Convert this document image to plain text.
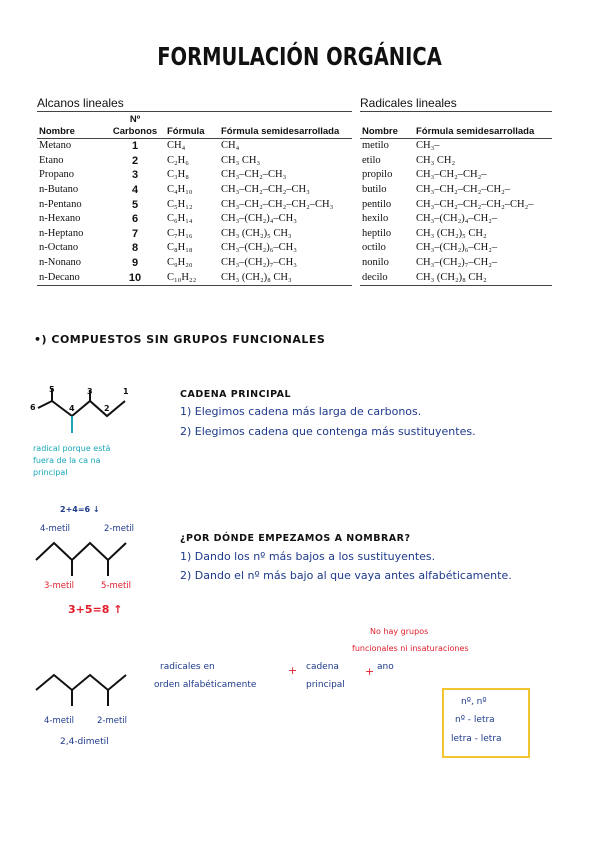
FORMULACIÓN ORGÁNICA
Alcanos lineales
Nombre	Nº Carbonos	Fórmula	Fórmula semidesarrollada
Metano	1	CH₄	CH₄
Etano	2	C₂H₆	CH₃ CH₃
Propano	3	C₃H₈	CH₃–CH₂–CH₃
n-Butano	4	C₄H₁₀	CH₃–CH₂–CH₂–CH₃
n-Pentano	5	C₅H₁₂	CH₃–CH₂–CH₂–CH₂–CH₃
n-Hexano	6	C₆H₁₄	CH₃–(CH₂)₄–CH₃
n-Heptano	7	C₇H₁₆	CH₃ (CH₂)₅ CH₃
n-Octano	8	C₈H₁₈	CH₃–(CH₂)₆–CH₃
n-Nonano	9	C₉H₂₀	CH₃–(CH₂)₇–CH₃
n-Decano	10	C₁₀H₂₂	CH₃ (CH₂)₈ CH₃
Radicales lineales
Nombre	Fórmula semidesarrollada
metilo	CH₃–
etilo	CH₃ CH₂
propilo	CH₃–CH₂–CH₂–
butilo	CH₃–CH₂–CH₂–CH₂–
pentilo	CH₃–CH₂–CH₂–CH₂–CH₂–
hexilo	CH₃–(CH₂)₄–CH₂–
heptilo	CH₃ (CH₂)₅ CH₂
octilo	CH₃–(CH₂)₆–CH₂–
nonilo	CH₃–(CH₂)₇–CH₂–
decilo	CH₃ (CH₂)₈ CH₂
•) COMPUESTOS SIN GRUPOS FUNCIONALES
6
5
4
3
2
1
radical porque está
fuera de la ca na
principal
CADENA PRINCIPAL
1) Elegimos cadena más larga de carbonos.
2) Elegimos cadena que contenga más sustituyentes.
2+4=6 ↓
4-metil	2-metil
3-metil	5-metil
3+5=8 ↑
¿POR DÓNDE EMPEZAMOS A NOMBRAR?
1) Dando los nº más bajos a los sustituyentes.
2) Dando el nº más bajo al que vaya antes alfabéticamente.
No hay grupos
funcionales ni insaturaciones
radicales en
orden alfabéticamente
+ cadena
principal
+ ano
4-metil	2-metil
2,4-dimetil
nº, nº
nº - letra
letra - letra
